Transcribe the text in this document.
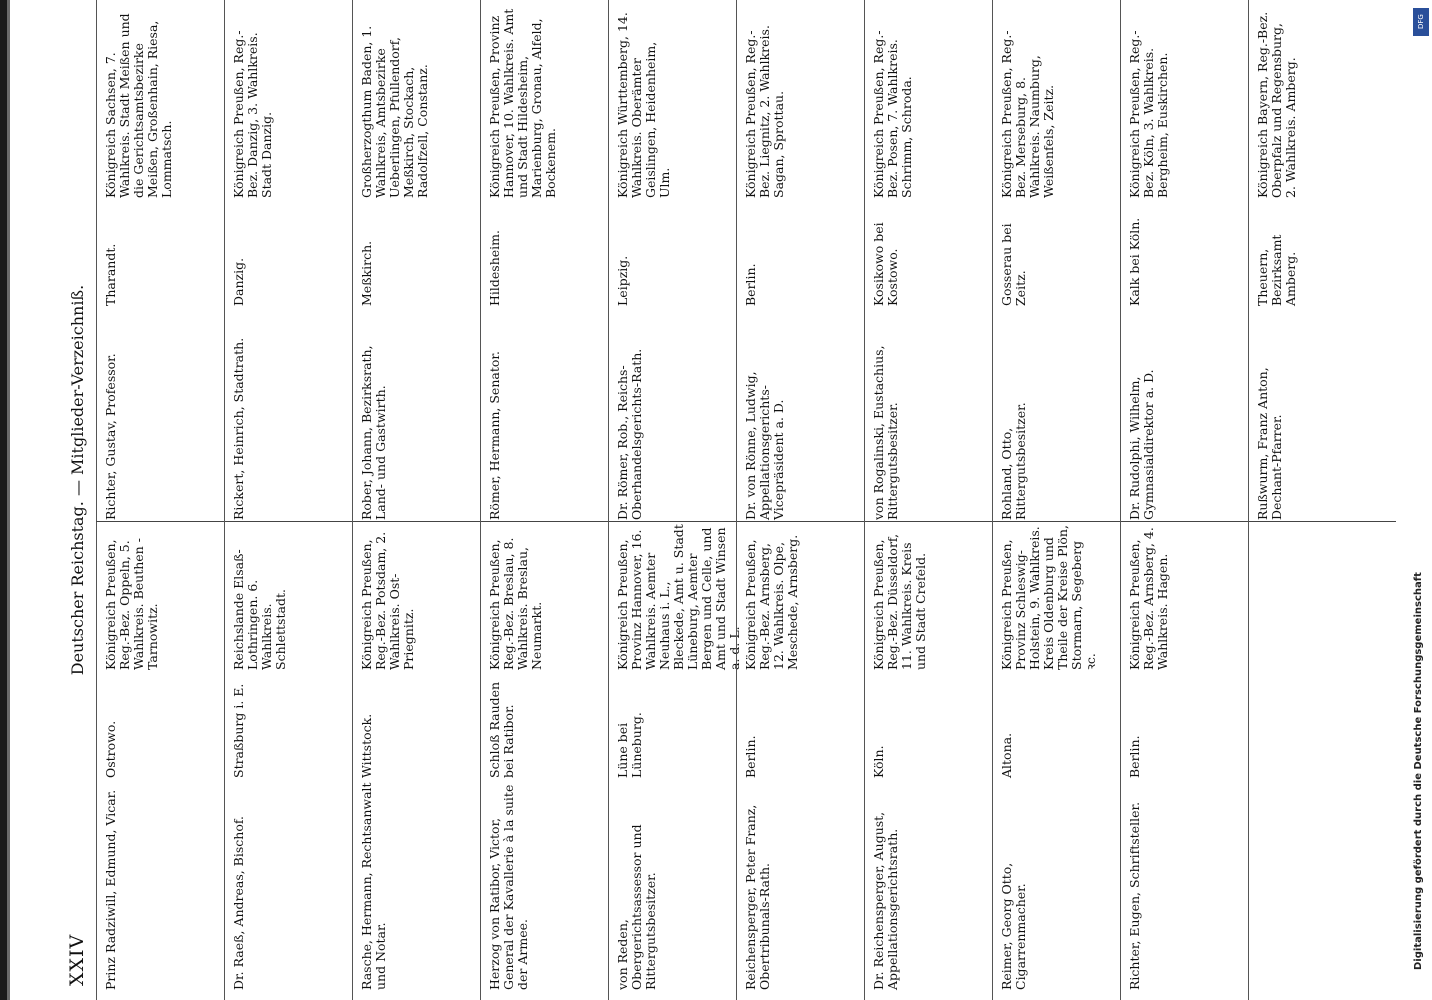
XXIV
Deutscher Reichstag. — Mitglieder-Verzeichniß.
Prinz Radziwill, Edmund, Vicar.
Ostrowo.
Königreich Preußen, Reg.-Bez. Oppeln, 5. Wahlkreis. Beuthen - Tarnowitz.
Richter, Gustav, Professor.
Tharandt.
Königreich Sachsen, 7. Wahlkreis. Stadt Meißen und die Gerichtsamtsbezirke Meißen, Großenhain, Riesa, Lommatsch.
Dr. Raeß, Andreas, Bischof.
Straßburg i. E.
Reichslande Elsaß-Lothringen. 6. Wahlkreis. Schlettstadt.
Rickert, Heinrich, Stadtrath.
Danzig.
Königreich Preußen, Reg.-Bez. Danzig, 3. Wahlkreis. Stadt Danzig.
Rasche, Hermann, Rechtsanwalt und Notar.
Wittstock.
Königreich Preußen, Reg.-Bez. Potsdam, 2. Wahlkreis. Ost-Priegnitz.
Rober, Johann, Bezirksrath, Land- und Gastwirth.
Meßkirch.
Großherzogthum Baden, 1. Wahlkreis, Amtsbezirke Ueberlingen, Pfullendorf, Meßkirch, Stockach, Radolfzell, Constanz.
Herzog von Ratibor, Victor, General der Kavallerie à la suite der Armee.
Schloß Rauden bei Ratibor.
Königreich Preußen, Reg.-Bez. Breslau, 8. Wahlkreis. Breslau, Neumarkt.
Römer, Hermann, Senator.
Hildesheim.
Königreich Preußen, Provinz Hannover, 10. Wahlkreis. Amt und Stadt Hildesheim, Marienburg, Gronau, Alfeld, Bockenem.
von Reden, Obergerichtsassessor und Rittergutsbesitzer.
Lüne bei Lüneburg.
Königreich Preußen, Provinz Hannover, 16. Wahlkreis. Aemter Neuhaus i. L., Bleckede, Amt u. Stadt Lüneburg, Aemter Bergen und Celle, und Amt und Stadt Winsen a. d. L.
Dr. Römer, Rob., Reichs-Oberhandelsgerichts-Rath.
Leipzig.
Königreich Württemberg, 14. Wahlkreis. Oberämter Geislingen, Heidenheim, Ulm.
Reichensperger, Peter Franz, Obertribunals-Rath.
Berlin.
Königreich Preußen, Reg.-Bez. Arnsberg, 12. Wahlkreis. Olpe, Meschede, Arnsberg.
Dr. von Rönne, Ludwig, Appellationsgerichts-Vicepräsident a. D.
Berlin.
Königreich Preußen, Reg.-Bez. Liegnitz, 2. Wahlkreis. Sagan, Sprottau.
Dr. Reichensperger, August, Appellationsgerichtsrath.
Köln.
Königreich Preußen, Reg.-Bez. Düsseldorf, 11. Wahlkreis. Kreis und Stadt Crefeld.
von Rogalinski, Eustachius, Rittergutsbesitzer.
Kosikowo bei Kostowo.
Königreich Preußen, Reg.-Bez. Posen, 7. Wahlkreis. Schrimm, Schroda.
Reimer, Georg Otto, Cigarrenmacher.
Altona.
Königreich Preußen, Provinz Schleswig-Holstein, 9. Wahlkreis. Kreis Oldenburg und Theile der Kreise Plön, Stormarn, Segeberg ꝛc.
Rohland, Otto, Rittergutsbesitzer.
Gosserau bei Zeitz.
Königreich Preußen, Reg.-Bez. Merseburg, 8. Wahlkreis. Naumburg, Weißenfels, Zeitz.
Richter, Eugen, Schriftsteller.
Berlin.
Königreich Preußen, Reg.-Bez. Arnsberg, 4. Wahlkreis. Hagen.
Dr. Rudolphi, Wilhelm, Gymnasialdirektor a. D.
Kalk bei Köln.
Königreich Preußen, Reg.-Bez. Köln, 3. Wahlkreis. Bergheim, Euskirchen.
Rußwurm, Franz Anton, Dechant-Pfarrer.
Theuern, Bezirksamt Amberg.
Königreich Bayern, Reg.-Bez. Oberpfalz und Regensburg, 2. Wahlkreis. Amberg.
DFG
Digitalisierung gefördert durch die Deutsche Forschungsgemeinschaft
